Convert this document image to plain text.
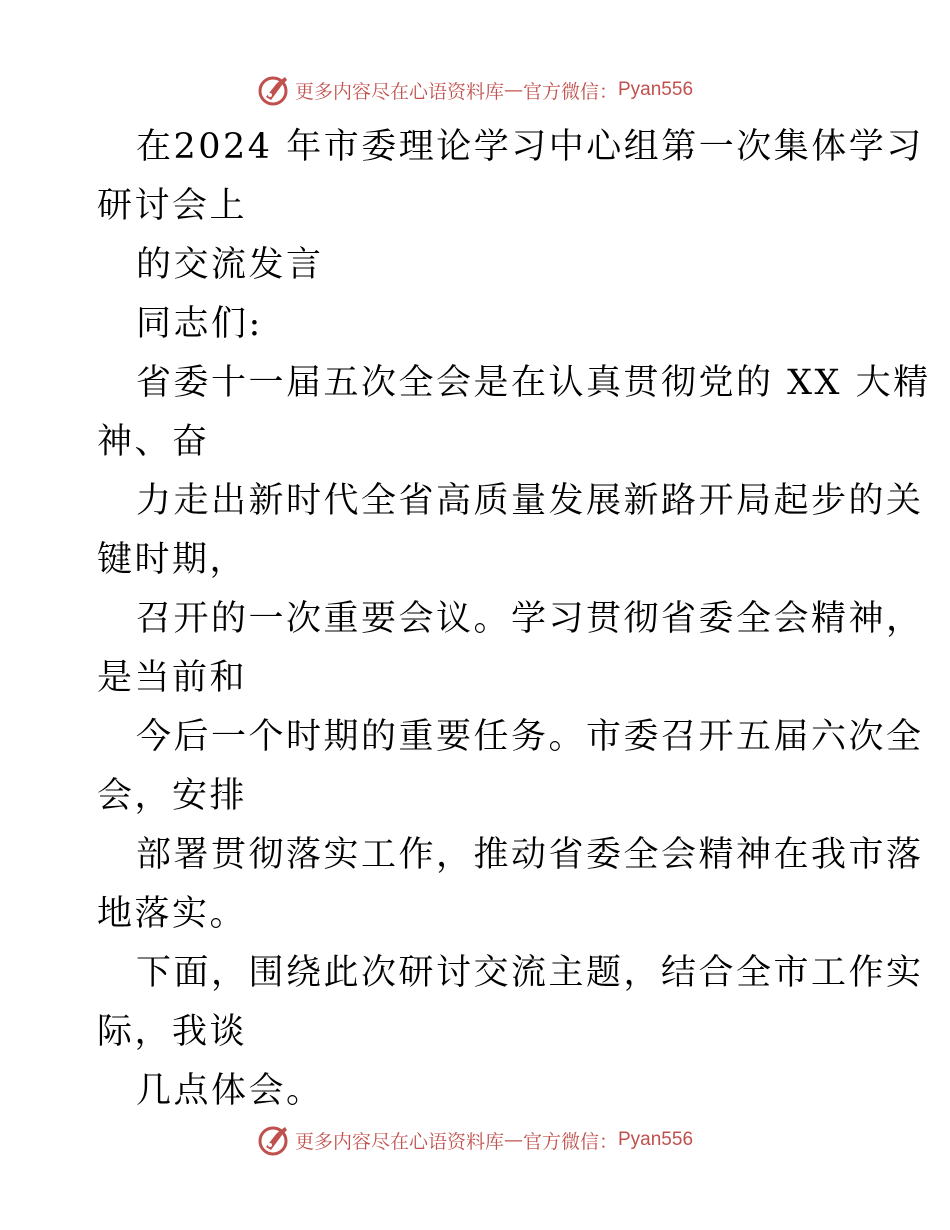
更多内容尽在心语资料库 — 官方微信： Pyan556
在2024 年市委理论学习中心组第一次集体学习
研讨会上
的交流发言
同志们:
省委十一届五次全会是在认真贯彻党的 XX 大精
神、奋
力走出新时代全省高质量发展新路开局起步的关
键时期，
召开的一次重要会议。学习贯彻省委全会精神，
是当前和
今后一个时期的重要任务。市委召开五届六次全
会，安排
部署贯彻落实工作，推动省委全会精神在我市落
地落实。
下面，围绕此次研讨交流主题，结合全市工作实
际，我谈
几点体会。
更多内容尽在心语资料库 — 官方微信： Pyan556
